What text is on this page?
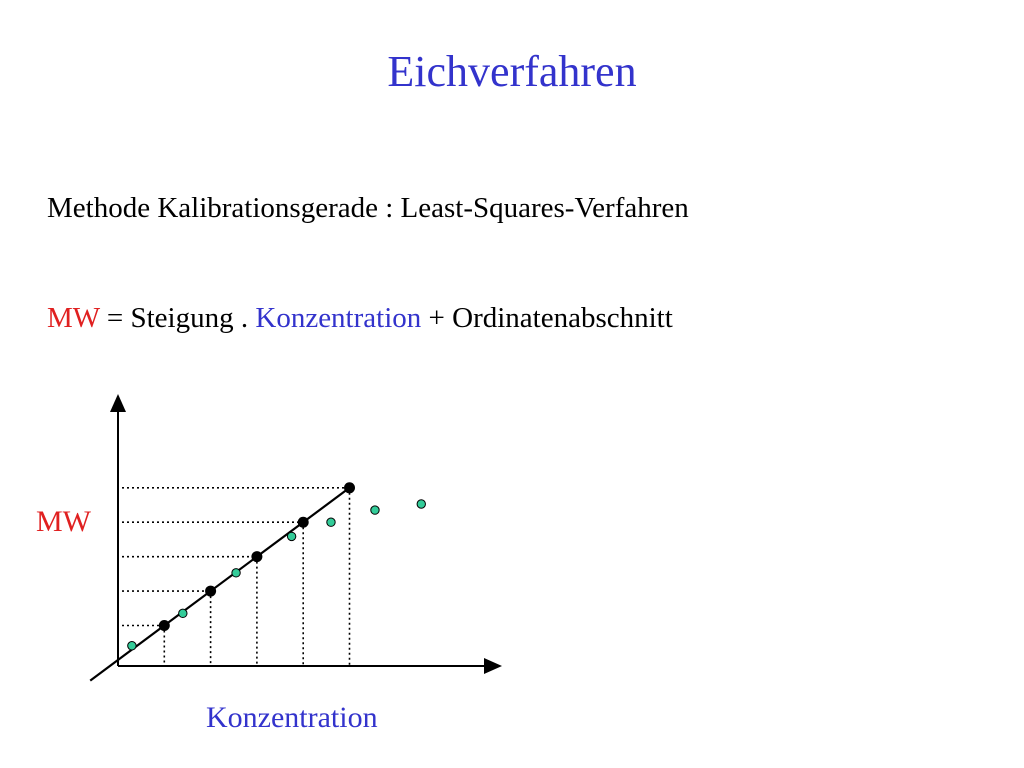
Eichverfahren
Methode Kalibrationsgerade : Least-Squares-Verfahren
MW = Steigung . Konzentration + Ordinatenabschnitt
MW
Konzentration
